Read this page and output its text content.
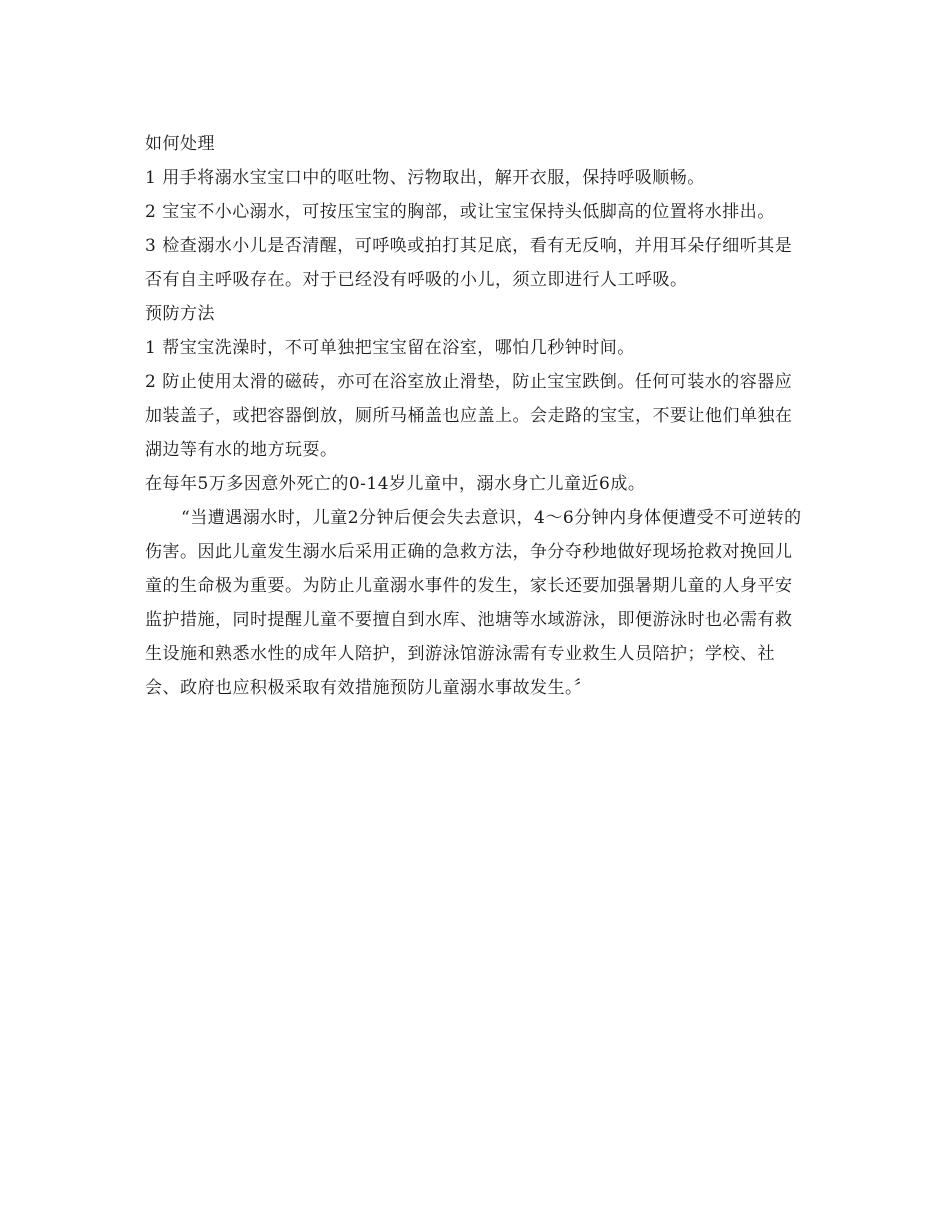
如何处理

1 用手将溺水宝宝口中的呕吐物、污物取出，解开衣服，保持呼吸顺畅。

2 宝宝不小心溺水，可按压宝宝的胸部，或让宝宝保持头低脚高的位置将水排出。

3 检查溺水小儿是否清醒，可呼唤或拍打其足底，看有无反响，并用耳朵仔细听其是否有自主呼吸存在。对于已经没有呼吸的小儿，须立即进行人工呼吸。

预防方法

1 帮宝宝洗澡时，不可单独把宝宝留在浴室，哪怕几秒钟时间。

2 防止使用太滑的磁砖，亦可在浴室放止滑垫，防止宝宝跌倒。任何可装水的容器应加装盖子，或把容器倒放，厕所马桶盖也应盖上。会走路的宝宝，不要让他们单独在湖边等有水的地方玩耍。

在每年5万多因意外死亡的0-14岁儿童中，溺水身亡儿童近6成。

“当遭遇溺水时，儿童2分钟后便会失去意识，4～6分钟内身体便遭受不可逆转的伤害。因此儿童发生溺水后采用正确的急救方法，争分夺秒地做好现场抢救对挽回儿童的生命极为重要。为防止儿童溺水事件的发生，家长还要加强暑期儿童的人身平安监护措施，同时提醒儿童不要擅自到水库、池塘等水域游泳，即便游泳时也必需有救生设施和熟悉水性的成年人陪护，到游泳馆游泳需有专业救生人员陪护；学校、社会、政府也应积极采取有效措施预防儿童溺水事故发生。〞
